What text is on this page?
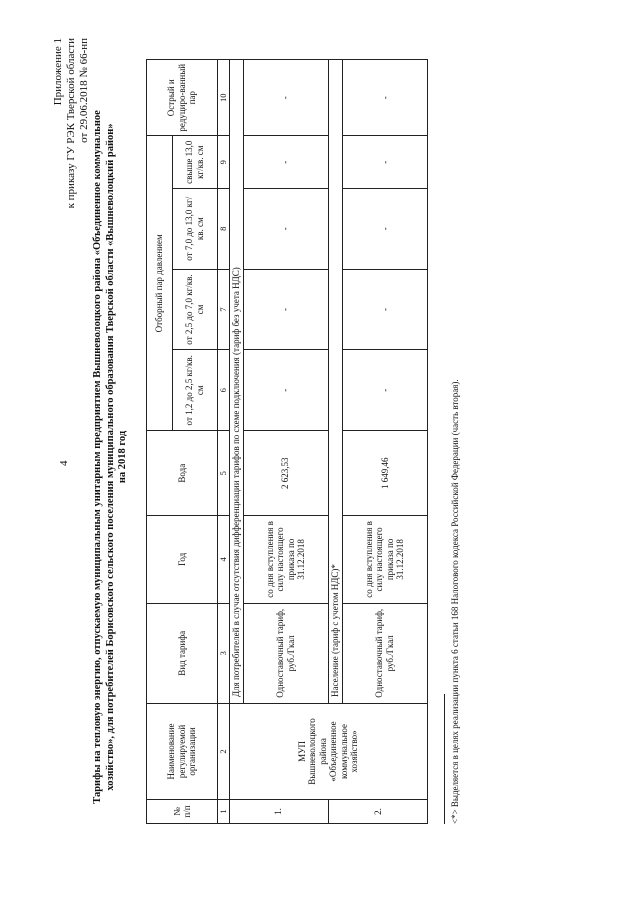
4
Приложение 1 к приказу ГУ РЭК Тверской области от 29.06.2018 № 66-нп
Тарифы на тепловую энергию, отпускаемую муниципальным унитарным предприятием Вышневолоцкого района «Объединенное коммунальное хозяйство», для потребителей Борисовского сельского поселения муниципального образования Тверской области «Вышневолоцкий район» на 2018 год
№ п/п	Наименование регулируемой организации	Вид тарифа	Год	Вода	Отборный пар давлением				Острый и редуциро-ванный пар
					от 1,2 до 2,5 кг/кв. см	от 2,5 до 7,0 кг/кв. см	от 7,0 до 13,0 кг/кв. см	свыше 13,0 кг/кв. см	
1	2	3	4	5	6	7	8	9	10
1.	МУП Вышневолоцкого района «Объединенное коммунальное хозяйство»	Для потребителей в случае отсутствия дифференциации тарифов по схеме подключения (тариф без учета НДС)							
		Одноставочный тариф, руб./Гкал	со дня вступления в силу настоящего приказа по 31.12.2018	2 623,53	-	-	-	-	-
2.		Население (тариф с учетом НДС)*							
		Одноставочный тариф, руб./Гкал	со дня вступления в силу настоящего приказа по 31.12.2018	1 649,46	-	-	-	-	-
<*> Выделяется в целях реализации пункта 6 статьи 168 Налогового кодекса Российской Федерации (часть вторая).
